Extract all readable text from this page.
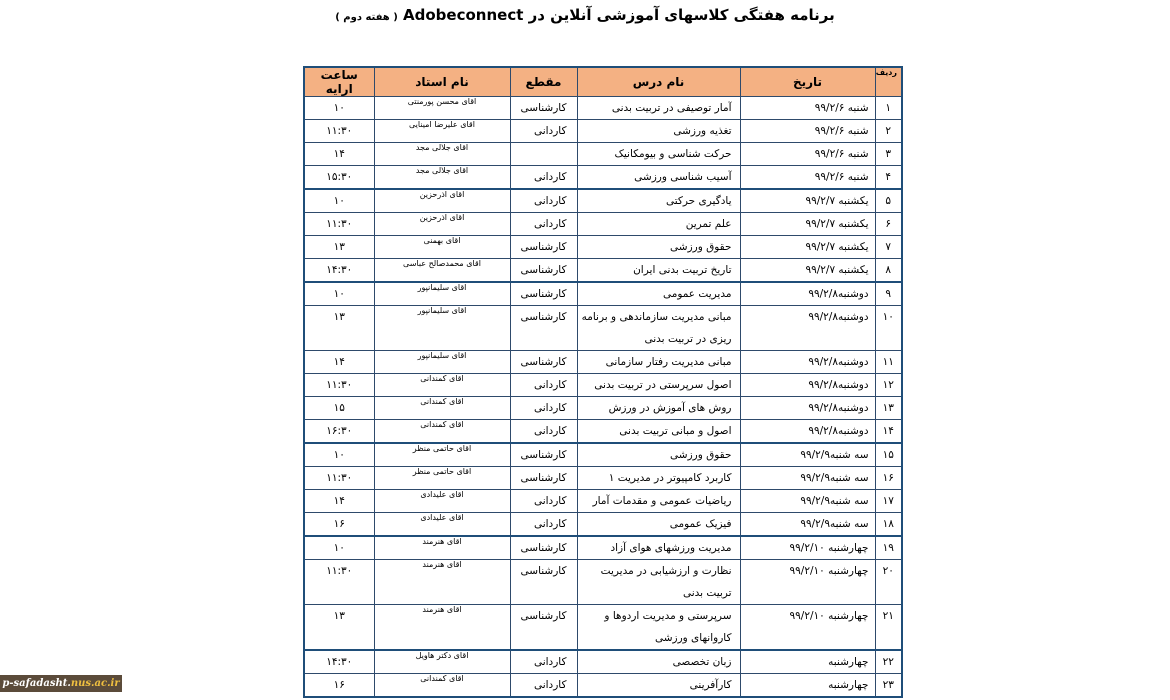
برنامه هفتگی کلاسهای آموزشی آنلاین در Adobeconnect ( هفته دوم )
ردیف	تاریخ	نام درس	مقطع	نام استاد	ساعت ارایه
۱	شنبه ۹۹/۲/۶	آمار توصیفی در تربیت بدنی	کارشناسی	اقای محسن پورمنتی	۱۰
۲	شنبه ۹۹/۲/۶	تغذیه ورزشی	کاردانی	اقای علیرضا امینایی	۱۱:۳۰
۳	شنبه ۹۹/۲/۶	حرکت شناسی و بیومکانیک		اقای جلالی مجد	۱۴
۴	شنبه ۹۹/۲/۶	آسیب شناسی ورزشی	کاردانی	اقای جلالی مجد	۱۵:۳۰
۵	یکشنبه ۹۹/۲/۷	یادگیری حرکتی	کاردانی	اقای اذرحزین	۱۰
۶	یکشنبه ۹۹/۲/۷	علم تمرین	کاردانی	اقای اذرحزین	۱۱:۳۰
۷	یکشنبه ۹۹/۲/۷	حقوق ورزشی	کارشناسی	اقای بهمنی	۱۳
۸	یکشنبه ۹۹/۲/۷	تاریخ تربیت بدنی ایران	کارشناسی	اقای محمدصالح عباسی	۱۴:۳۰
۹	دوشنبه۹۹/۲/۸	مدیریت عمومی	کارشناسی	اقای سلیمانپور	۱۰
۱۰	دوشنبه۹۹/۲/۸	مبانی مدیریت سازماندهی و برنامه ریزی در تربیت بدنی	کارشناسی	اقای سلیمانپور	۱۳
۱۱	دوشنبه۹۹/۲/۸	مبانی مدیریت رفتار سازمانی	کارشناسی	اقای سلیمانپور	۱۴
۱۲	دوشنبه۹۹/۲/۸	اصول سرپرستی در تربیت بدنی	کاردانی	اقای کمندانی	۱۱:۳۰
۱۳	دوشنبه۹۹/۲/۸	روش های آموزش در ورزش	کاردانی	اقای کمندانی	۱۵
۱۴	دوشنبه۹۹/۲/۸	اصول و مبانی تربیت بدنی	کاردانی	اقای کمندانی	۱۶:۳۰
۱۵	سه شنبه۹۹/۲/۹	حقوق ورزشی	کارشناسی	اقای حاتمی منظر	۱۰
۱۶	سه شنبه۹۹/۲/۹	کاربرد کامپیوتر در مدیریت ۱	کارشناسی	اقای حاتمی منظر	۱۱:۳۰
۱۷	سه شنبه۹۹/۲/۹	ریاضیات عمومی و مقدمات آمار	کاردانی	اقای علیدادی	۱۴
۱۸	سه شنبه۹۹/۲/۹	فیزیک عمومی	کاردانی	اقای علیدادی	۱۶
۱۹	چهارشنبه ۹۹/۲/۱۰	مدیریت ورزشهای هوای آزاد	کارشناسی	اقای هنرمند	۱۰
۲۰	چهارشنبه ۹۹/۲/۱۰	نظارت و ارزشیابی در مدیریت تربیت بدنی	کارشناسی	اقای هنرمند	۱۱:۳۰
۲۱	چهارشنبه ۹۹/۲/۱۰	سرپرستی و مدیریت اردوها و کاروانهای ورزشی	کارشناسی	اقای هنرمند	۱۳
۲۲	چهارشنبه	زبان تخصصی	کاردانی	اقای دکتر هاویل	۱۴:۳۰
۲۳	چهارشنبه	کارآفرینی	کاردانی	اقای کمندانی	۱۶
p-safadasht.nus.ac.ir
